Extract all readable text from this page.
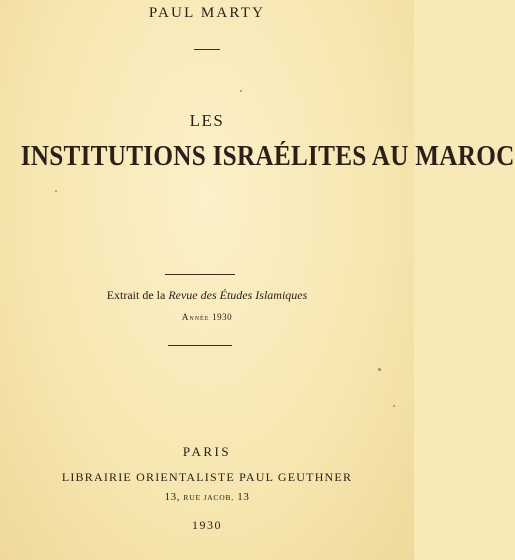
PAUL MARTY
LES
INSTITUTIONS ISRAÉLITES AU MAROC
Extrait de la Revue des Études Islamiques
Année 1930
PARIS
LIBRAIRIE ORIENTALISTE PAUL GEUTHNER
13, RUE JACOB, 13
1930
